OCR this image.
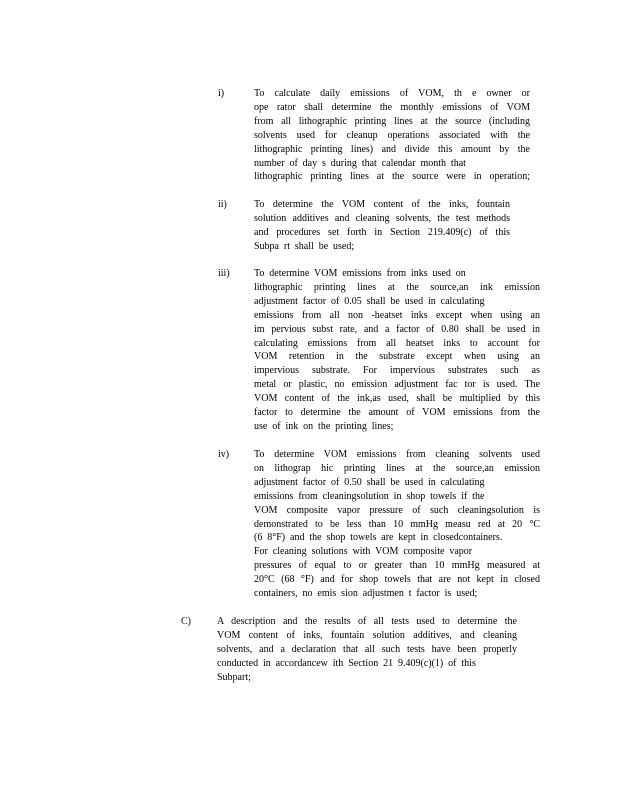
i)	To calculate daily emissions of VOM, th e owner or
ope rator shall determine the monthly emissions of VOM
from all lithographic printing lines at the source (including
solvents used for cleanup operations associated with the
lithographic printing lines) and divide this amount by the
number of day s during that calendar month that
lithographic printing lines at the source were in operation;
ii)	To determine the VOM content of the inks, fountain
solution additives and cleaning solvents, the test methods
and procedures set forth in Section 219.409(c) of this
Subpa rt shall be used;
iii) To determine VOM emissions from inks used on
lithographic printing lines at the source,an ink emission
adjustment factor of 0.05 shall be used in calculating
emissions from all non -heatset inks except when using an
im pervious subst rate, and a factor of 0.80 shall be used in
calculating emissions from all heatset inks to account for
VOM retention in the substrate except when using an
impervious substrate. For impervious substrates such as
metal or plastic, no emission adjustment fac tor is used. The
VOM content of the ink,as used, shall be multiplied by this
factor to determine the amount of VOM emissions from the
use of ink on the printing lines;
iv) To determine VOM emissions from cleaning solvents used
on lithograp hic printing lines at the source,an emission
adjustment factor of 0.50 shall be used in calculating
emissions from cleaningsolution in shop towels if the
VOM composite vapor pressure of such cleaningsolution is
demonstrated to be less than 10 mmHg measu red at 20 °C
(6 8°F) and the shop towels are kept in closedcontainers.
For cleaning solutions with VOM composite vapor
pressures of equal to or greater than 10 mmHg measured at
20°C (68 °F) and for shop towels that are not kept in closed
containers, no emis sion adjustmen t factor is used;
C)	A description and the results of all tests used to determine the
VOM content of inks, fountain solution additives, and cleaning
solvents, and a declaration that all such tests have been properly
conducted in accordancew ith Section 21 9.409(c)(1) of this
Subpart;
